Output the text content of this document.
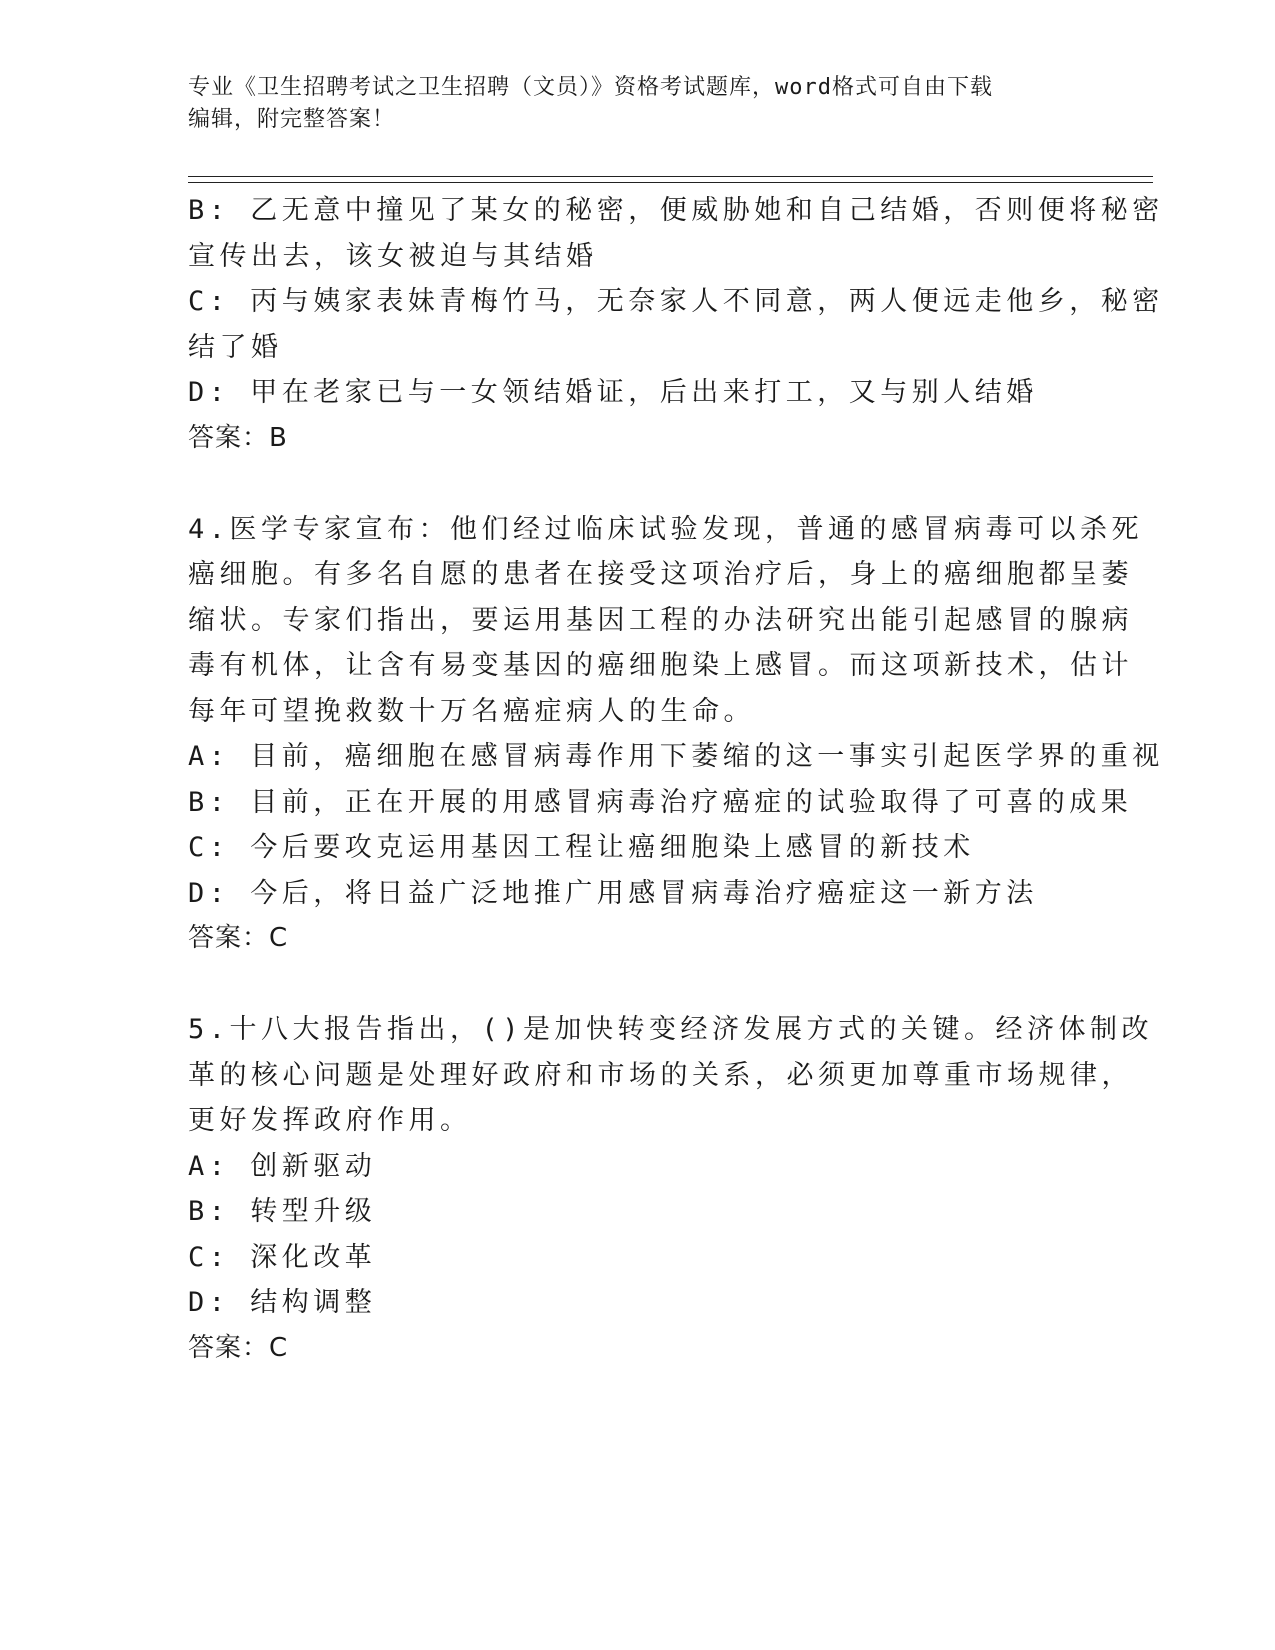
专业《卫生招聘考试之卫生招聘（文员）》资格考试题库，word格式可自由下载
编辑，附完整答案！
B: 乙无意中撞见了某女的秘密，便威胁她和自己结婚，否则便将秘密
宣传出去，该女被迫与其结婚
C: 丙与姨家表妹青梅竹马，无奈家人不同意，两人便远走他乡，秘密
结了婚
D: 甲在老家已与一女领结婚证，后出来打工，又与别人结婚
答案：B
4.医学专家宣布：他们经过临床试验发现，普通的感冒病毒可以杀死
癌细胞。有多名自愿的患者在接受这项治疗后，身上的癌细胞都呈萎
缩状。专家们指出，要运用基因工程的办法研究出能引起感冒的腺病
毒有机体，让含有易变基因的癌细胞染上感冒。而这项新技术，估计
每年可望挽救数十万名癌症病人的生命。
A: 目前，癌细胞在感冒病毒作用下萎缩的这一事实引起医学界的重视
B: 目前，正在开展的用感冒病毒治疗癌症的试验取得了可喜的成果
C: 今后要攻克运用基因工程让癌细胞染上感冒的新技术
D: 今后，将日益广泛地推广用感冒病毒治疗癌症这一新方法
答案：C
5.十八大报告指出，()是加快转变经济发展方式的关键。经济体制改
革的核心问题是处理好政府和市场的关系，必须更加尊重市场规律，
更好发挥政府作用。
A: 创新驱动
B: 转型升级
C: 深化改革
D: 结构调整
答案：C
